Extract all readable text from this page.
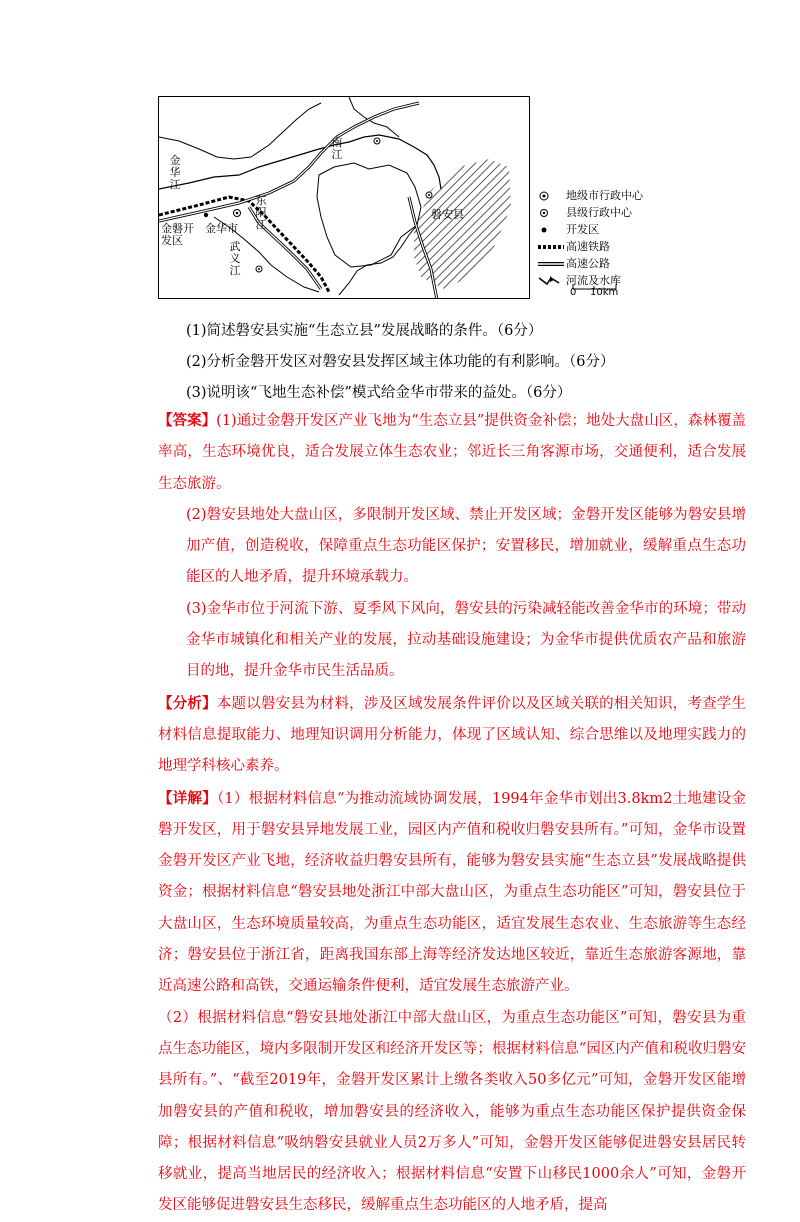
金华江
东阳江
南江
武义江
金磐开发区
金华市
磐安县
地级市行政中心
县级行政中心
开发区
高速铁路
高速公路
河流及水库
0 10km
(1)简述磐安县实施“生态立县”发展战略的条件。（6分）
(2)分析金磐开发区对磐安县发挥区域主体功能的有利影响。（6分）
(3)说明该“飞地生态补偿”模式给金华市带来的益处。（6分）

【答案】(1)通过金磐开发区产业飞地为“生态立县”提供资金补偿；地处大盘山区，森林覆盖率高，生态环境优良，适合发展立体生态农业；邻近长三角客源市场，交通便利，适合发展生态旅游。

(2)磐安县地处大盘山区，多限制开发区域、禁止开发区域；金磐开发区能够为磐安县增加产值，创造税收，保障重点生态功能区保护；安置移民，增加就业，缓解重点生态功能区的人地矛盾，提升环境承载力。

(3)金华市位于河流下游、夏季风下风向，磐安县的污染减轻能改善金华市的环境；带动金华市城镇化和相关产业的发展，拉动基础设施建设；为金华市提供优质农产品和旅游目的地，提升金华市民生活品质。

【分析】本题以磐安县为材料，涉及区域发展条件评价以及区域关联的相关知识，考查学生材料信息提取能力、地理知识调用分析能力，体现了区域认知、综合思维以及地理实践力的地理学科核心素养。

【详解】（1）根据材料信息“为推动流域协调发展，1994年金华市划出3.8km2土地建设金磐开发区，用于磐安县异地发展工业，园区内产值和税收归磐安县所有。”可知，金华市设置金磐开发区产业飞地，经济收益归磐安县所有，能够为磐安县实施“生态立县”发展战略提供资金；根据材料信息“磐安县地处浙江中部大盘山区，为重点生态功能区”可知，磐安县位于大盘山区，生态环境质量较高，为重点生态功能区，适宜发展生态农业、生态旅游等生态经济；磐安县位于浙江省，距离我国东部上海等经济发达地区较近，靠近生态旅游客源地，靠近高速公路和高铁，交通运输条件便利，适宜发展生态旅游产业。

（2）根据材料信息“磐安县地处浙江中部大盘山区，为重点生态功能区”可知，磐安县为重点生态功能区，境内多限制开发区和经济开发区等；根据材料信息“园区内产值和税收归磐安县所有。”、“截至2019年，金磐开发区累计上缴各类收入50多亿元”可知，金磐开发区能增加磐安县的产值和税收，增加磐安县的经济收入，能够为重点生态功能区保护提供资金保障；根据材料信息“吸纳磐安县就业人员2万多人”可知，金磐开发区能够促进磐安县居民转移就业，提高当地居民的经济收入；根据材料信息“安置下山移民1000余人”可知，金磐开发区能够促进磐安县生态移民，缓解重点生态功能区的人地矛盾，提高
